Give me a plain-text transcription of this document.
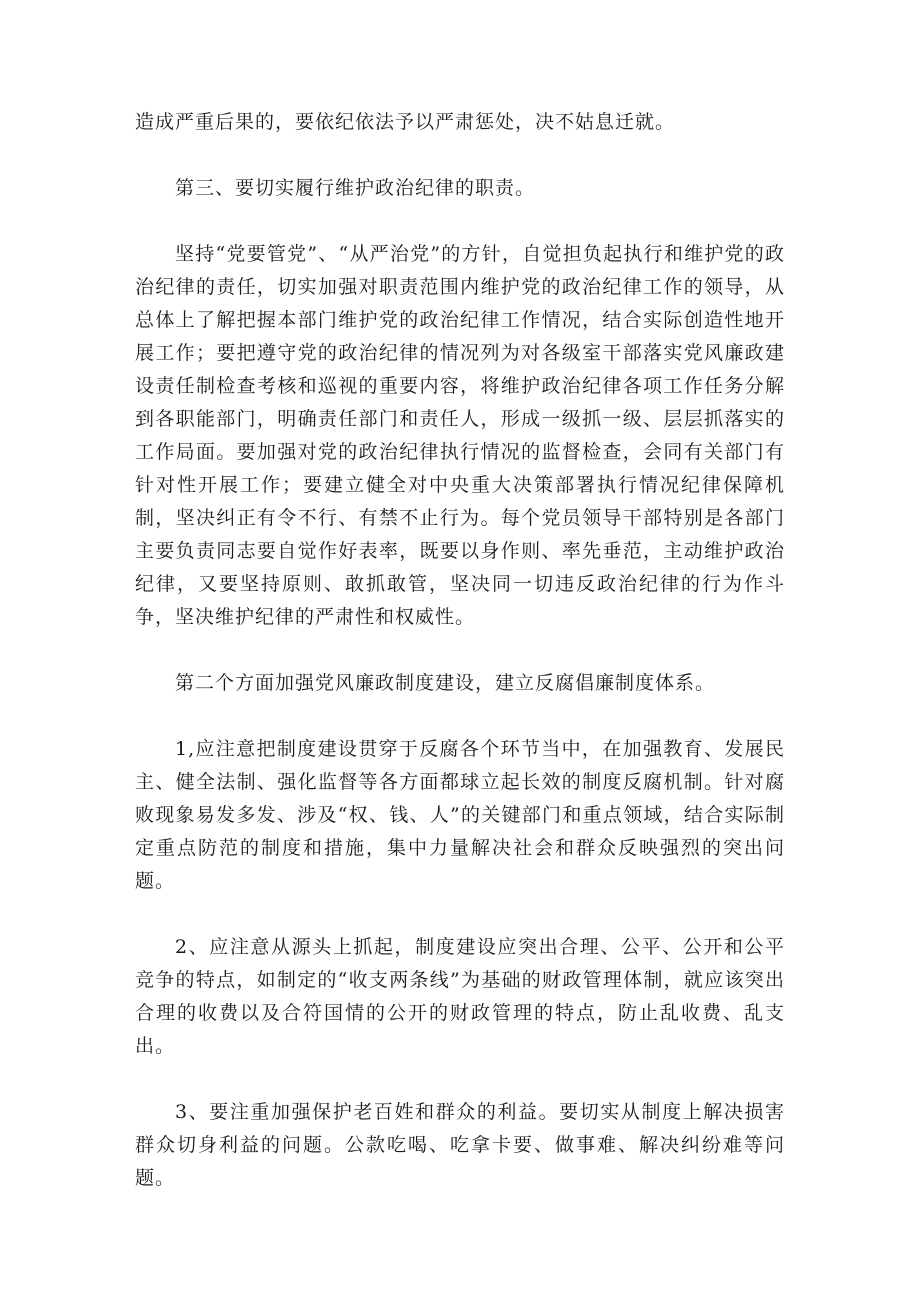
造成严重后果的，要依纪依法予以严肃惩处，决不姑息迁就。

第三、要切实履行维护政治纪律的职责。

坚持“党要管党”、“从严治党”的方针，自觉担负起执行和维护党的政治纪律的责任，切实加强对职责范围内维护党的政治纪律工作的领导，从总体上了解把握本部门维护党的政治纪律工作情况，结合实际创造性地开展工作；要把遵守党的政治纪律的情况列为对各级室干部落实党风廉政建设责任制检查考核和巡视的重要内容，将维护政治纪律各项工作任务分解到各职能部门，明确责任部门和责任人，形成一级抓一级、层层抓落实的工作局面。要加强对党的政治纪律执行情况的监督检查，会同有关部门有针对性开展工作；要建立健全对中央重大决策部署执行情况纪律保障机制，坚决纠正有令不行、有禁不止行为。每个党员领导干部特别是各部门主要负责同志要自觉作好表率，既要以身作则、率先垂范，主动维护政治纪律，又要坚持原则、敢抓敢管，坚决同一切违反政治纪律的行为作斗争，坚决维护纪律的严肃性和权威性。

第二个方面加强党风廉政制度建设，建立反腐倡廉制度体系。

1,应注意把制度建设贯穿于反腐各个环节当中，在加强教育、发展民主、健全法制、强化监督等各方面都球立起长效的制度反腐机制。针对腐败现象易发多发、涉及“权、钱、人”的关键部门和重点领域，结合实际制定重点防范的制度和措施，集中力量解决社会和群众反映强烈的突出问题。

2、应注意从源头上抓起，制度建设应突出合理、公平、公开和公平竞争的特点，如制定的“收支两条线”为基础的财政管理体制，就应该突出合理的收费以及合符国情的公开的财政管理的特点，防止乱收费、乱支出。

3、要注重加强保护老百姓和群众的利益。要切实从制度上解决损害群众切身利益的问题。公款吃喝、吃拿卡要、做事难、解决纠纷难等问题。
